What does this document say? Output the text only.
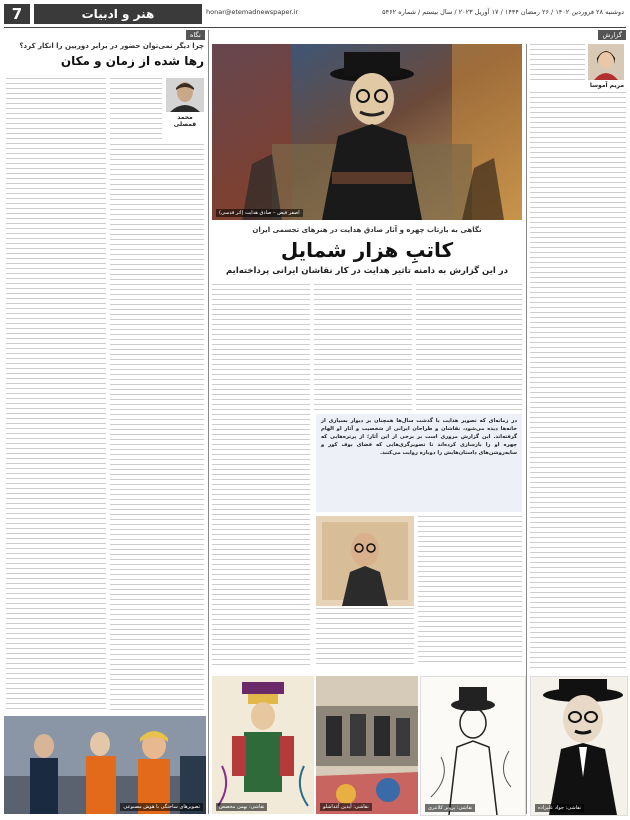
7	هنر و ادبیات	honar@etemadnewspaper.ir	دوشنبه ۲۸ فروردین ۱۴۰۲ / ۲۶ رمضان ۱۴۴۴ / ۱۷ آوریل ۲۰۲۳ / سال بیستم / شماره ۵۴۶۲
گزارش
مریم آموسا
نقاشی: جواد علیزاده
اصفر فیض – صادق هدایت (اثر قدسی)
نگاهی به بازتاب چهره و آثار صادق هدایت در هنرهای تجسمی ایران
کاتبِ هزار شمایل
در این گزارش به دامنه تاثیر هدایت در کار نقاشان ایرانی پرداخته‌ایم
در زمانه‌ای که تصویر هدایت با گذشت سال‌ها همچنان بر دیوار بسیاری از خانه‌ها دیده می‌شود، نقاشان و طراحان ایرانی از شخصیت و آثار او الهام گرفته‌اند. این گزارش مروری است بر برخی از این آثار؛ از پرتره‌هایی که چهره او را بازسازی کرده‌اند تا تصویرگری‌هایی که فضای بوف کور و سایه‌روشن‌های داستان‌هایش را دوباره روایت می‌کنند.
نقاشی: پرویز کلانتری
نقاشی: آیدین آغداشلو
نقاشی: بهمن محصص
نگاه
چرا دیگر نمی‌توان حضور در برابر دوربین را انکار کرد؟
رها شده از زمان و مکان
محمد قمصلی
تصویرهای ساختگی با هوش مصنوعی
